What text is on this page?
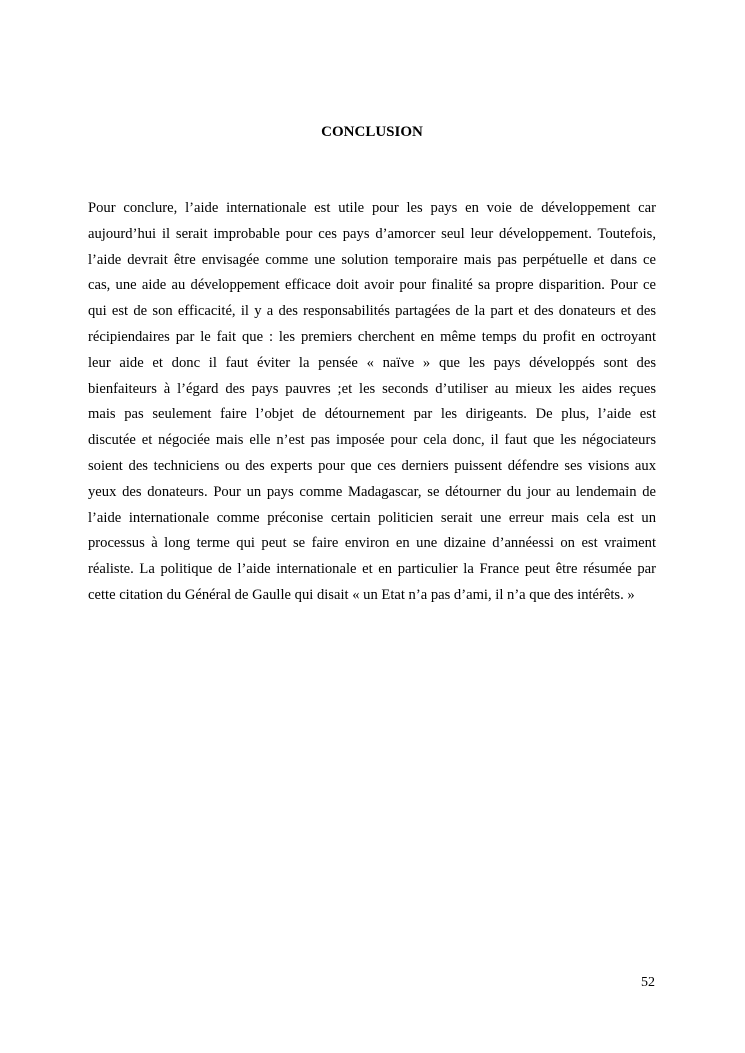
CONCLUSION
Pour conclure, l’aide internationale est utile pour les pays en voie de développement car
aujourd’hui il serait improbable pour ces pays d’amorcer seul leur développement. Toutefois,
l’aide devrait être envisagée comme une solution temporaire mais pas perpétuelle et dans ce
cas, une aide au développement efficace doit avoir pour finalité sa propre disparition. Pour ce
qui est de son efficacité, il y a des responsabilités partagées de la part et des donateurs et des
récipiendaires par le fait que : les premiers cherchent en même temps du profit en octroyant
leur aide et donc il faut éviter la pensée « naïve » que les pays développés sont des
bienfaiteurs à l’égard des pays pauvres ;et les seconds d’utiliser au mieux les aides reçues
mais pas seulement faire l’objet de détournement par les dirigeants. De plus, l’aide est
discutée et négociée mais elle n’est pas imposée pour cela donc, il faut que les négociateurs
soient des techniciens ou des experts pour que ces derniers puissent défendre ses visions aux
yeux des donateurs. Pour un pays comme Madagascar, se détourner du jour au lendemain de
l’aide internationale comme préconise certain politicien serait une erreur mais cela est un
processus à long terme qui peut se faire environ en une dizaine d’annéessi on est vraiment
réaliste. La politique de l’aide internationale et en particulier la France peut être résumée par
cette citation du Général de Gaulle qui disait « un Etat n’a pas d’ami, il n’a que des intérêts. »

52
